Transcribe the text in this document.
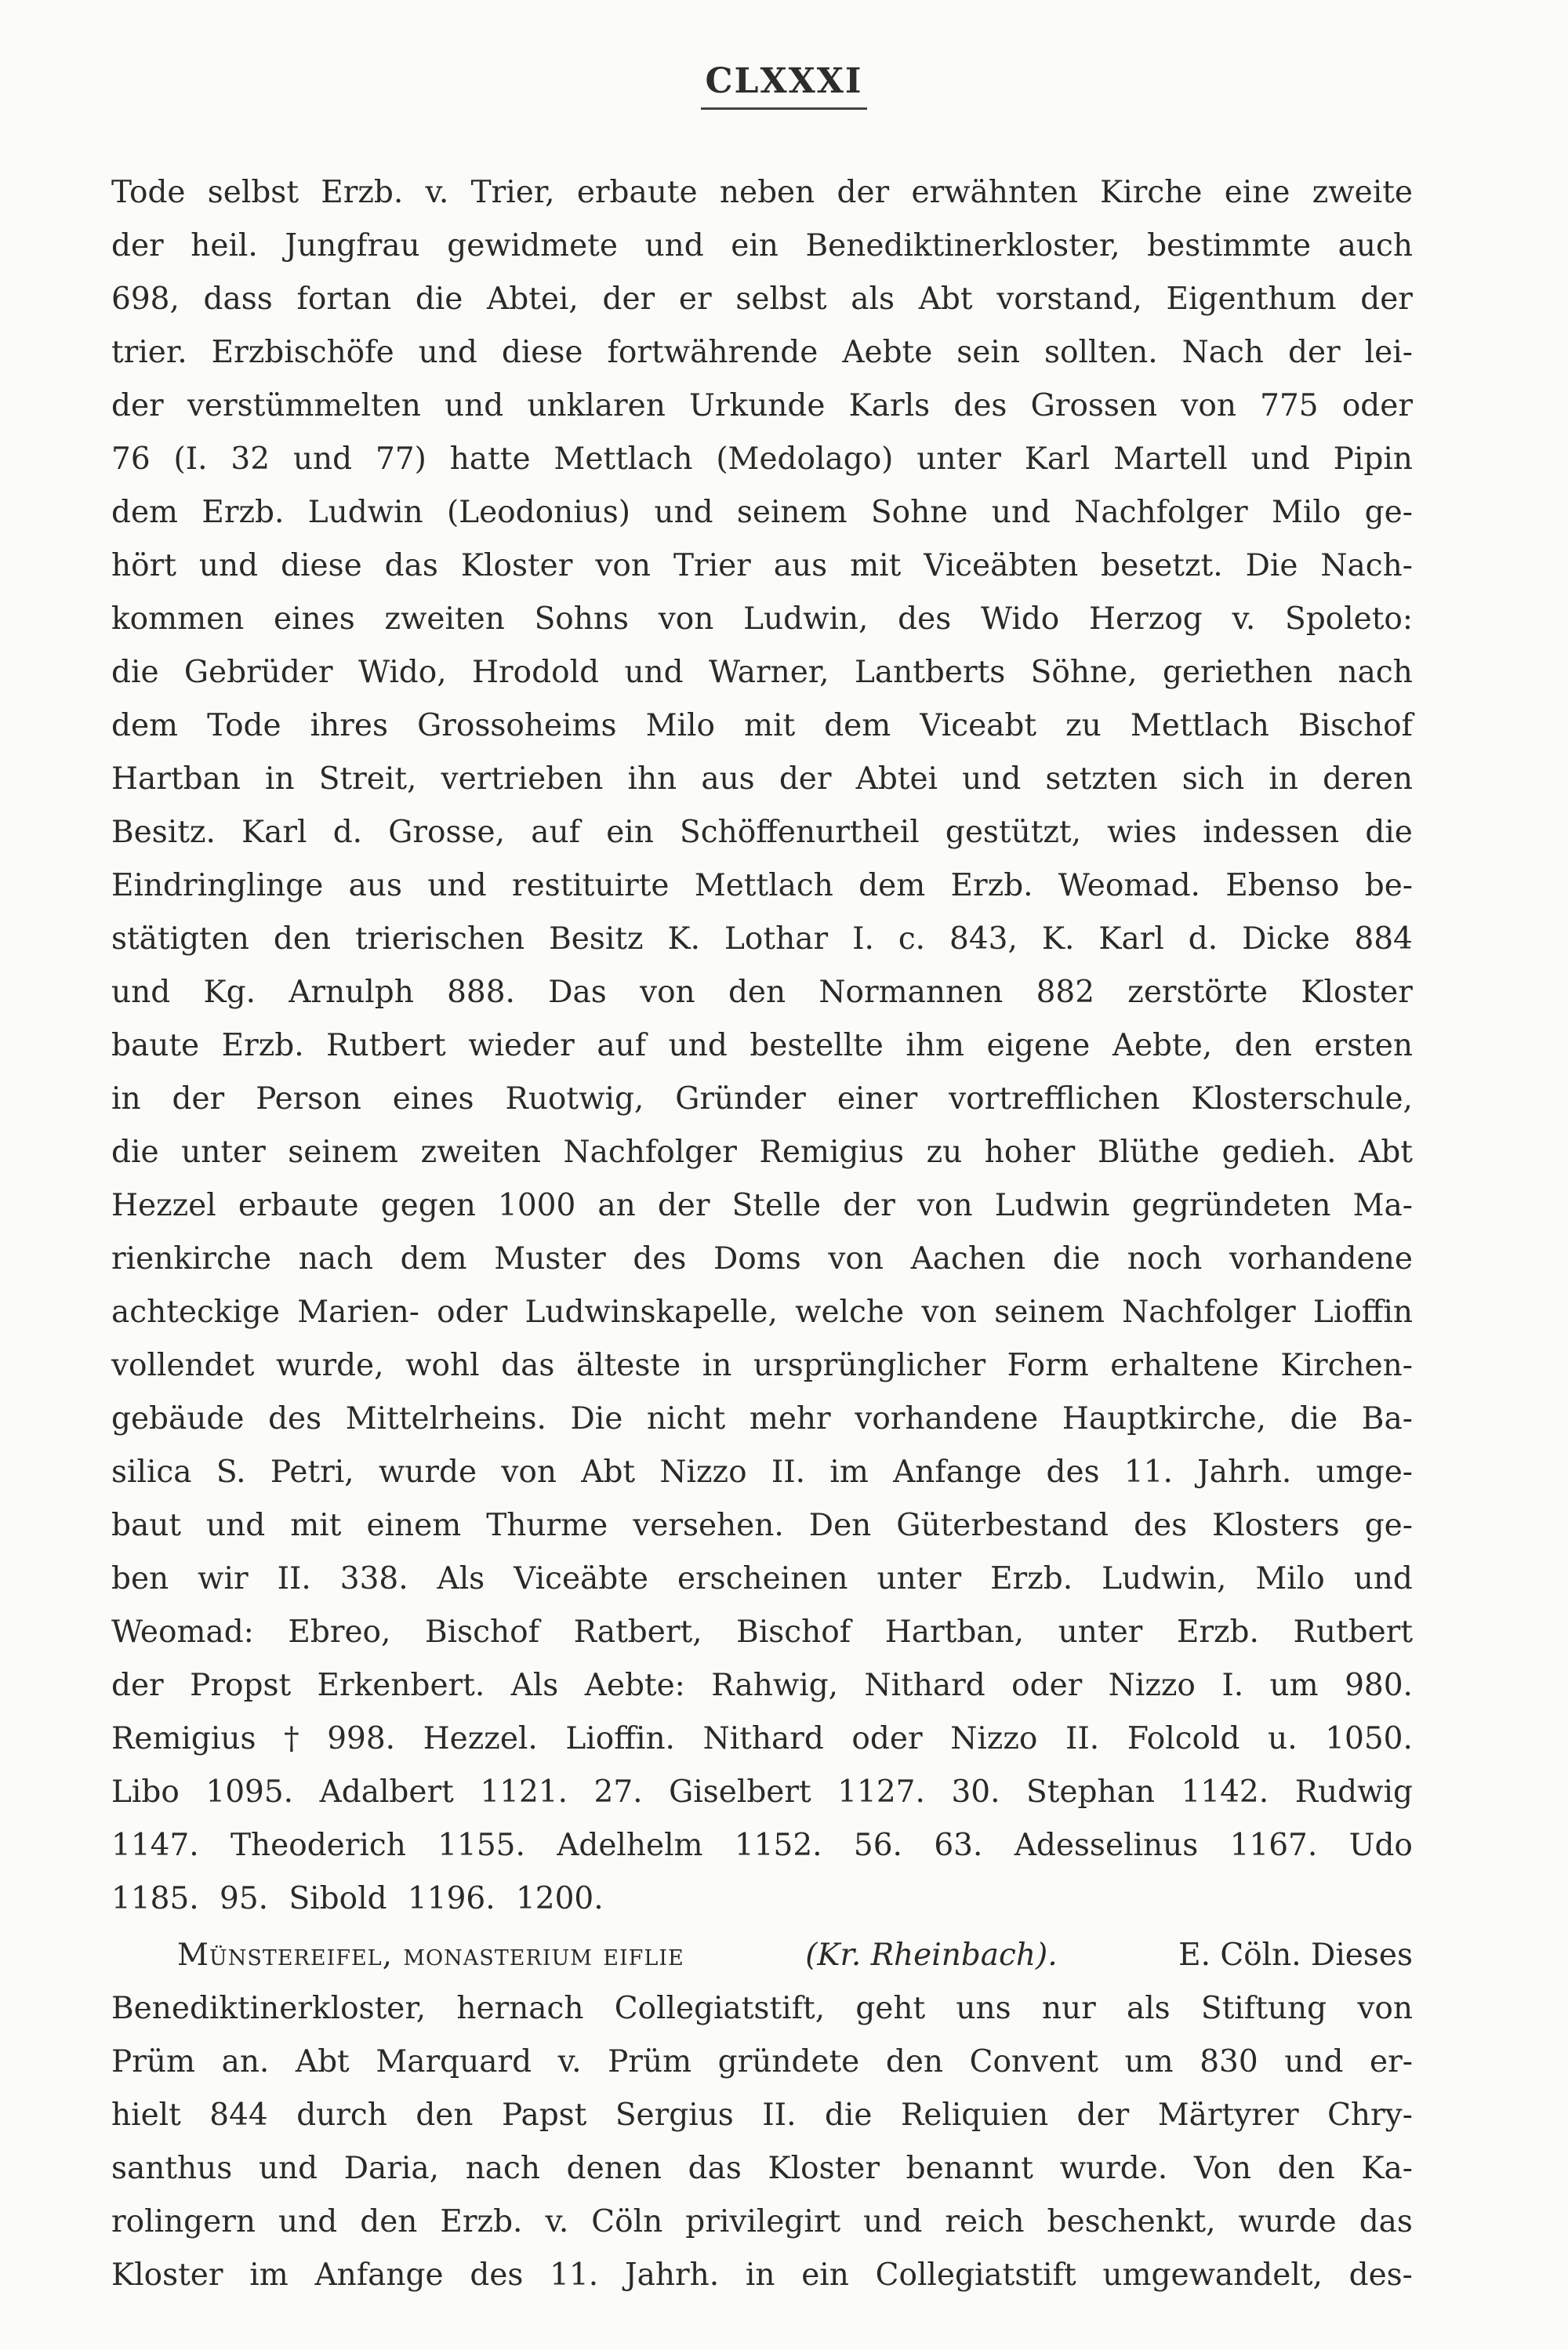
CLXXXI
Tode selbst Erzb. v. Trier, erbaute neben der erwähnten Kirche eine zweite
der heil. Jungfrau gewidmete und ein Benediktinerkloster, bestimmte auch
698, dass fortan die Abtei, der er selbst als Abt vorstand, Eigenthum der
trier. Erzbischöfe und diese fortwährende Aebte sein sollten. Nach der lei-
der verstümmelten und unklaren Urkunde Karls des Grossen von 775 oder
76 (I. 32 und 77) hatte Mettlach (Medolago) unter Karl Martell und Pipin
dem Erzb. Ludwin (Leodonius) und seinem Sohne und Nachfolger Milo ge-
hört und diese das Kloster von Trier aus mit Viceäbten besetzt. Die Nach-
kommen eines zweiten Sohns von Ludwin, des Wido Herzog v. Spoleto:
die Gebrüder Wido, Hrodold und Warner, Lantberts Söhne, geriethen nach
dem Tode ihres Grossoheims Milo mit dem Viceabt zu Mettlach Bischof
Hartban in Streit, vertrieben ihn aus der Abtei und setzten sich in deren
Besitz. Karl d. Grosse, auf ein Schöffenurtheil gestützt, wies indessen die
Eindringlinge aus und restituirte Mettlach dem Erzb. Weomad. Ebenso be-
stätigten den trierischen Besitz K. Lothar I. c. 843, K. Karl d. Dicke 884
und Kg. Arnulph 888. Das von den Normannen 882 zerstörte Kloster
baute Erzb. Rutbert wieder auf und bestellte ihm eigene Aebte, den ersten
in der Person eines Ruotwig, Gründer einer vortrefflichen Klosterschule,
die unter seinem zweiten Nachfolger Remigius zu hoher Blüthe gedieh. Abt
Hezzel erbaute gegen 1000 an der Stelle der von Ludwin gegründeten Ma-
rienkirche nach dem Muster des Doms von Aachen die noch vorhandene
achteckige Marien- oder Ludwinskapelle, welche von seinem Nachfolger Lioffin
vollendet wurde, wohl das älteste in ursprünglicher Form erhaltene Kirchen-
gebäude des Mittelrheins. Die nicht mehr vorhandene Hauptkirche, die Ba-
silica S. Petri, wurde von Abt Nizzo II. im Anfange des 11. Jahrh. umge-
baut und mit einem Thurme versehen. Den Güterbestand des Klosters ge-
ben wir II. 338. Als Viceäbte erscheinen unter Erzb. Ludwin, Milo und
Weomad: Ebreo, Bischof Ratbert, Bischof Hartban, unter Erzb. Rutbert
der Propst Erkenbert. Als Aebte: Rahwig, Nithard oder Nizzo I. um 980.
Remigius † 998. Hezzel. Lioffin. Nithard oder Nizzo II. Folcold u. 1050.
Libo 1095. Adalbert 1121. 27. Giselbert 1127. 30. Stephan 1142. Rudwig
1147. Theoderich 1155. Adelhelm 1152. 56. 63. Adesselinus 1167. Udo
1185. 95. Sibold 1196. 1200.
Münstereifel, monasterium eiflie	(Kr. Rheinbach).	E. Cöln. Dieses
Benediktinerkloster, hernach Collegiatstift, geht uns nur als Stiftung von
Prüm an. Abt Marquard v. Prüm gründete den Convent um 830 und er-
hielt 844 durch den Papst Sergius II. die Reliquien der Märtyrer Chry-
santhus und Daria, nach denen das Kloster benannt wurde. Von den Ka-
rolingern und den Erzb. v. Cöln privilegirt und reich beschenkt, wurde das
Kloster im Anfange des 11. Jahrh. in ein Collegiatstift umgewandelt, des-
